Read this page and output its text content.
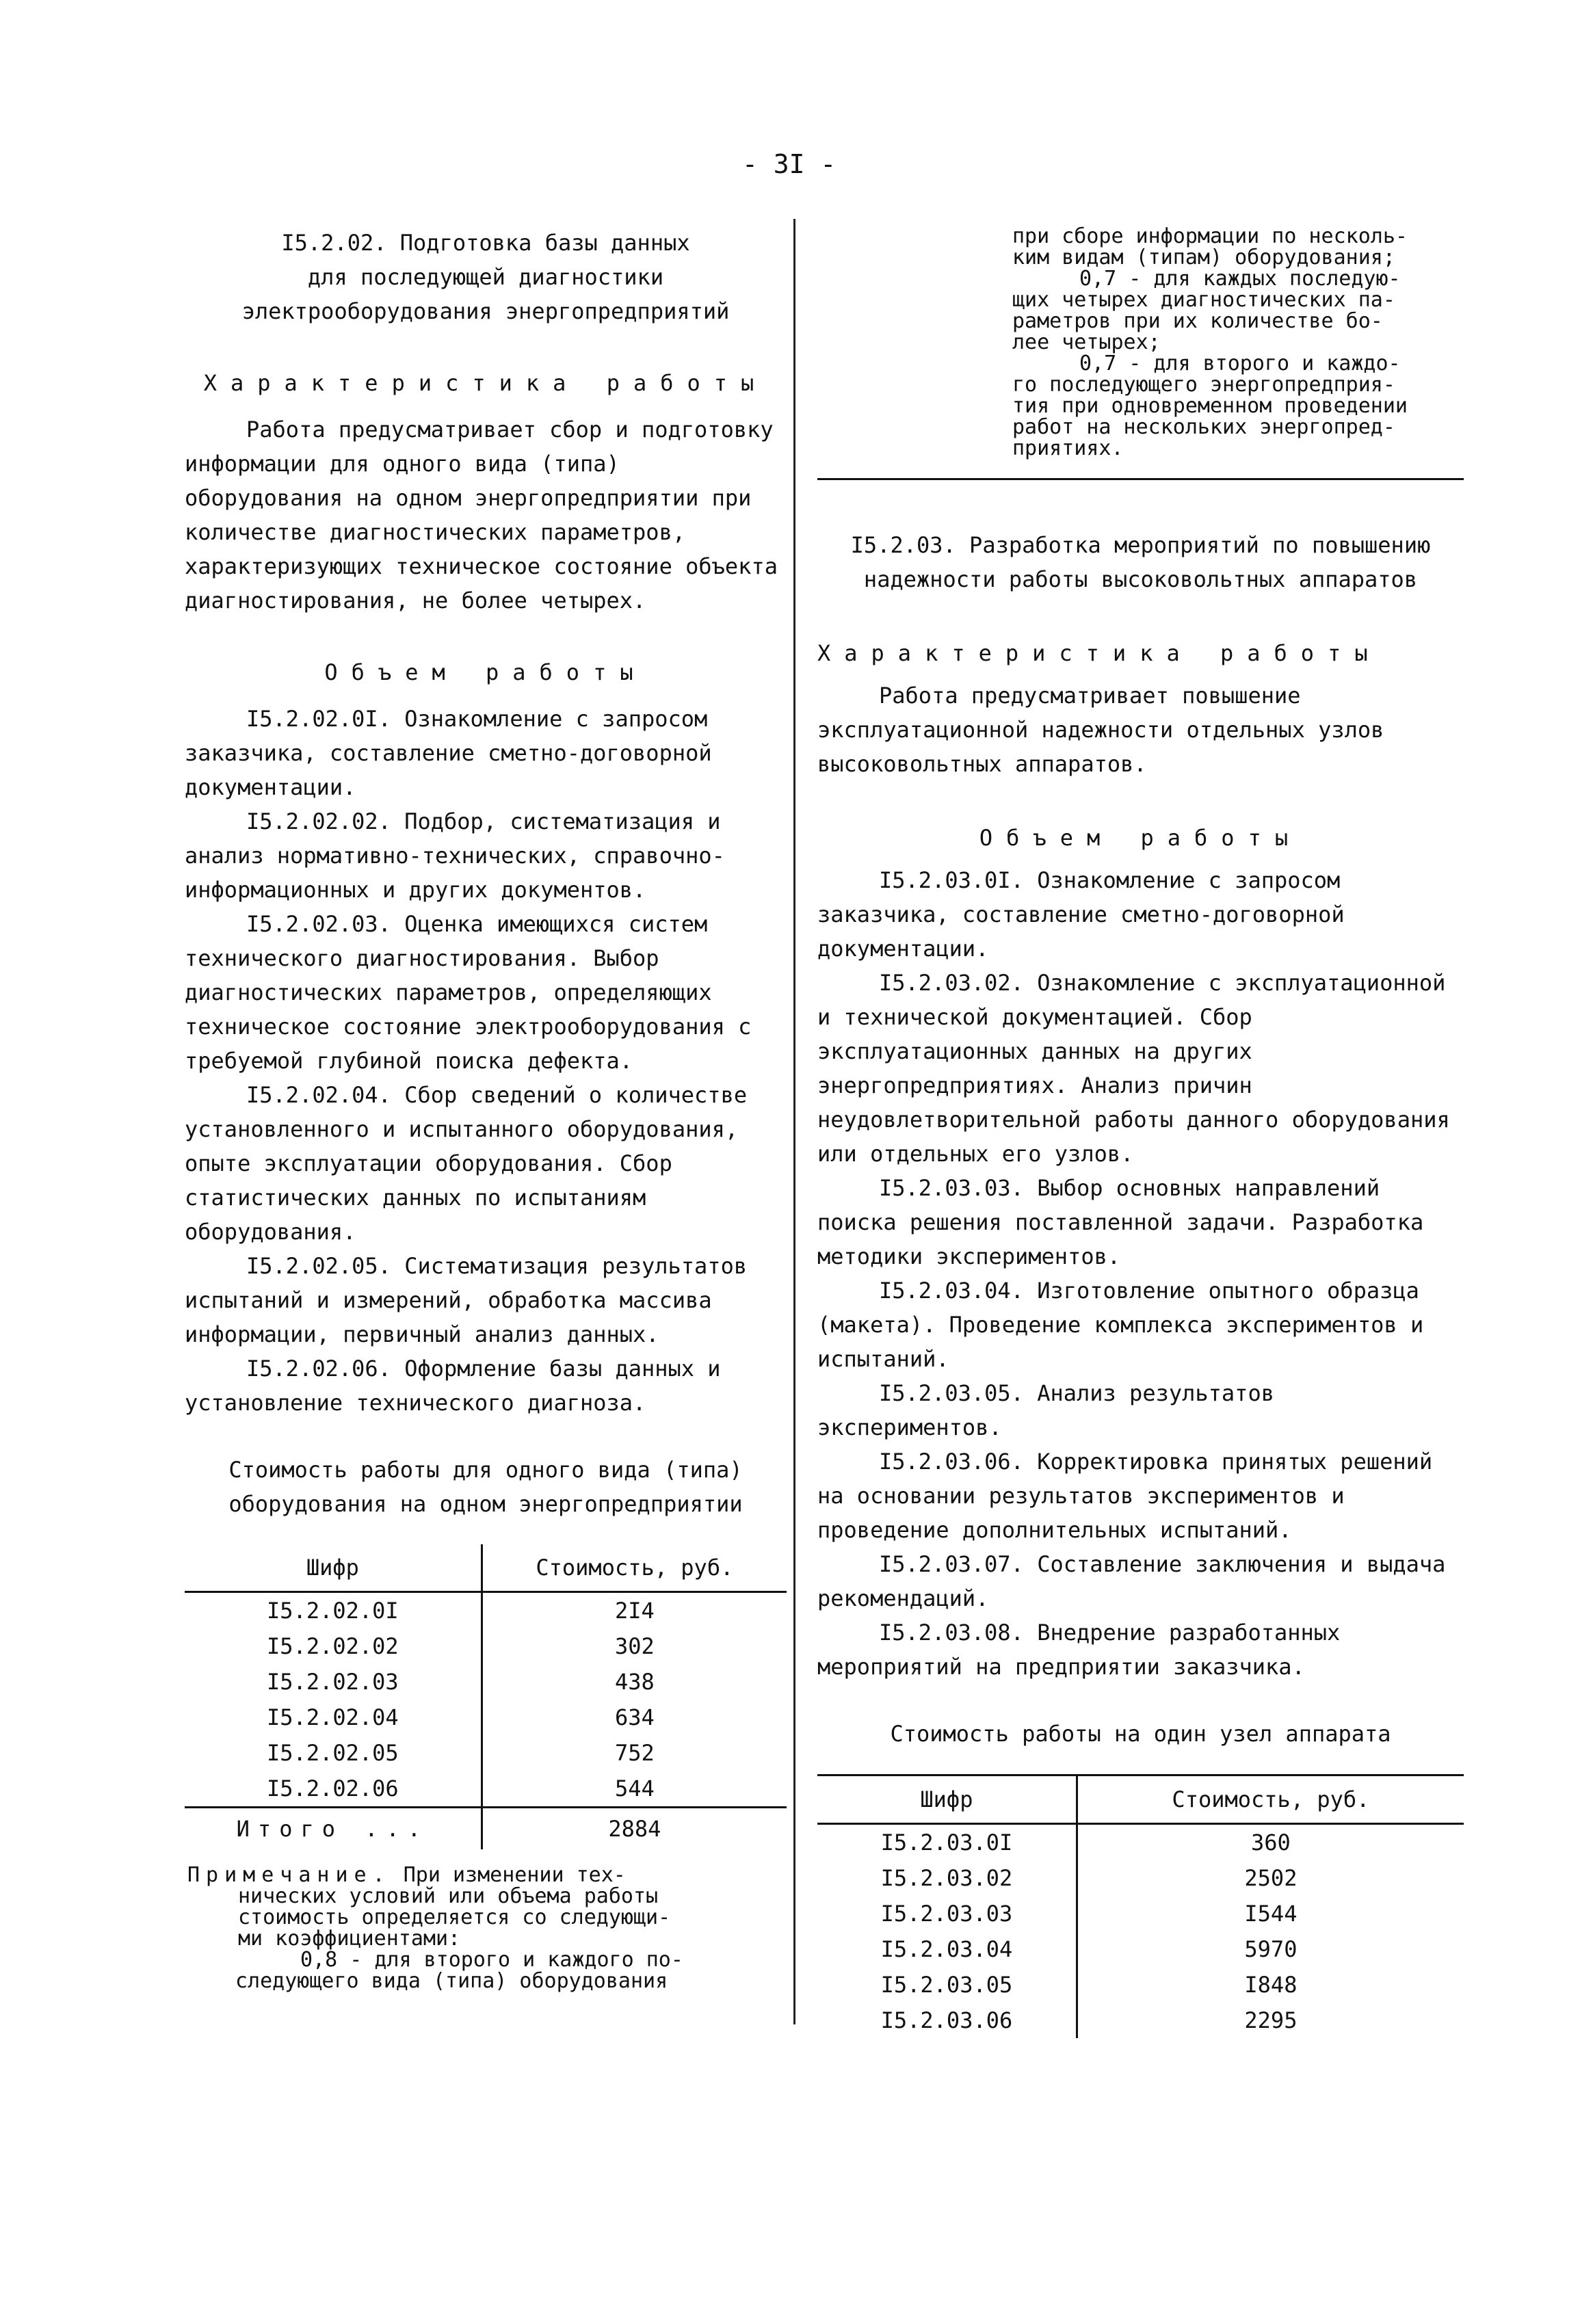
- 3I -
I5.2.02. Подготовка базы данных
для последующей диагностики
электрооборудования энергопредприятий
Характеристика работы

Работа предусматривает сбор и подготовку информации для одного вида (типа) оборудования на одном энергопредприятии при количестве диагностических параметров, характеризующих техническое состояние объекта диагностирования, не более четырех.

Объем работы

I5.2.02.0I. Ознакомление с запросом заказчика, составление сметно-договорной документации.

I5.2.02.02. Подбор, систематизация и анализ нормативно-технических, справочно-информационных и других документов.

I5.2.02.03. Оценка имеющихся систем технического диагностирования. Выбор диагностических параметров, определяющих техническое состояние электрооборудования с требуемой глубиной поиска дефекта.

I5.2.02.04. Сбор сведений о количестве установленного и испытанного оборудования, опыте эксплуатации оборудования. Сбор статистических данных по испытаниям оборудования.

I5.2.02.05. Систематизация результатов испытаний и измерений, обработка массива информации, первичный анализ данных.

I5.2.02.06. Оформление базы данных и установление технического диагноза.

Стоимость работы для одного вида (типа)
оборудования на одном энергопредприятии
Шифр	Стоимость, руб.
I5.2.02.0I	2I4
I5.2.02.02	302
I5.2.02.03	438
I5.2.02.04	634
I5.2.02.05	752
I5.2.02.06	544
Итого ...	2884
Примечание. При изменении тех-
нических условий или объема работы
стоимость определяется со следующи-
ми коэффициентами:
0,8 - для второго и каждого по-
следующего вида (типа) оборудования

при сборе информации по несколь-

ким видам (типам) оборудования;

0,7 - для каждых последую-

щих четырех диагностических па-

раметров при их количестве бо-

лее четырех;

0,7 - для второго и каждо-

го последующего энергопредприя-

тия при одновременном проведении

работ на нескольких энергопред-

приятиях.

I5.2.03. Разработка мероприятий по повышению
надежности работы высоковольтных аппаратов
Характеристика работы

Работа предусматривает повышение эксплуатационной надежности отдельных узлов высоковольтных аппаратов.

Объем работы

I5.2.03.0I. Ознакомление с запросом заказчика, составление сметно-договорной документации.

I5.2.03.02. Ознакомление с эксплуатационной и технической документацией. Сбор эксплуатационных данных на других энергопредприятиях. Анализ причин неудовлетворительной работы данного оборудования или отдельных его узлов.

I5.2.03.03. Выбор основных направлений поиска решения поставленной задачи. Разработка методики экспериментов.

I5.2.03.04. Изготовление опытного образца (макета). Проведение комплекса экспериментов и испытаний.

I5.2.03.05. Анализ результатов экспериментов.

I5.2.03.06. Корректировка принятых решений на основании результатов экспериментов и проведение дополнительных испытаний.

I5.2.03.07. Составление заключения и выдача рекомендаций.

I5.2.03.08. Внедрение разработанных мероприятий на предприятии заказчика.

Стоимость работы на один узел аппарата
Шифр	Стоимость, руб.
I5.2.03.0I	360
I5.2.03.02	2502
I5.2.03.03	I544
I5.2.03.04	5970
I5.2.03.05	I848
I5.2.03.06	2295
